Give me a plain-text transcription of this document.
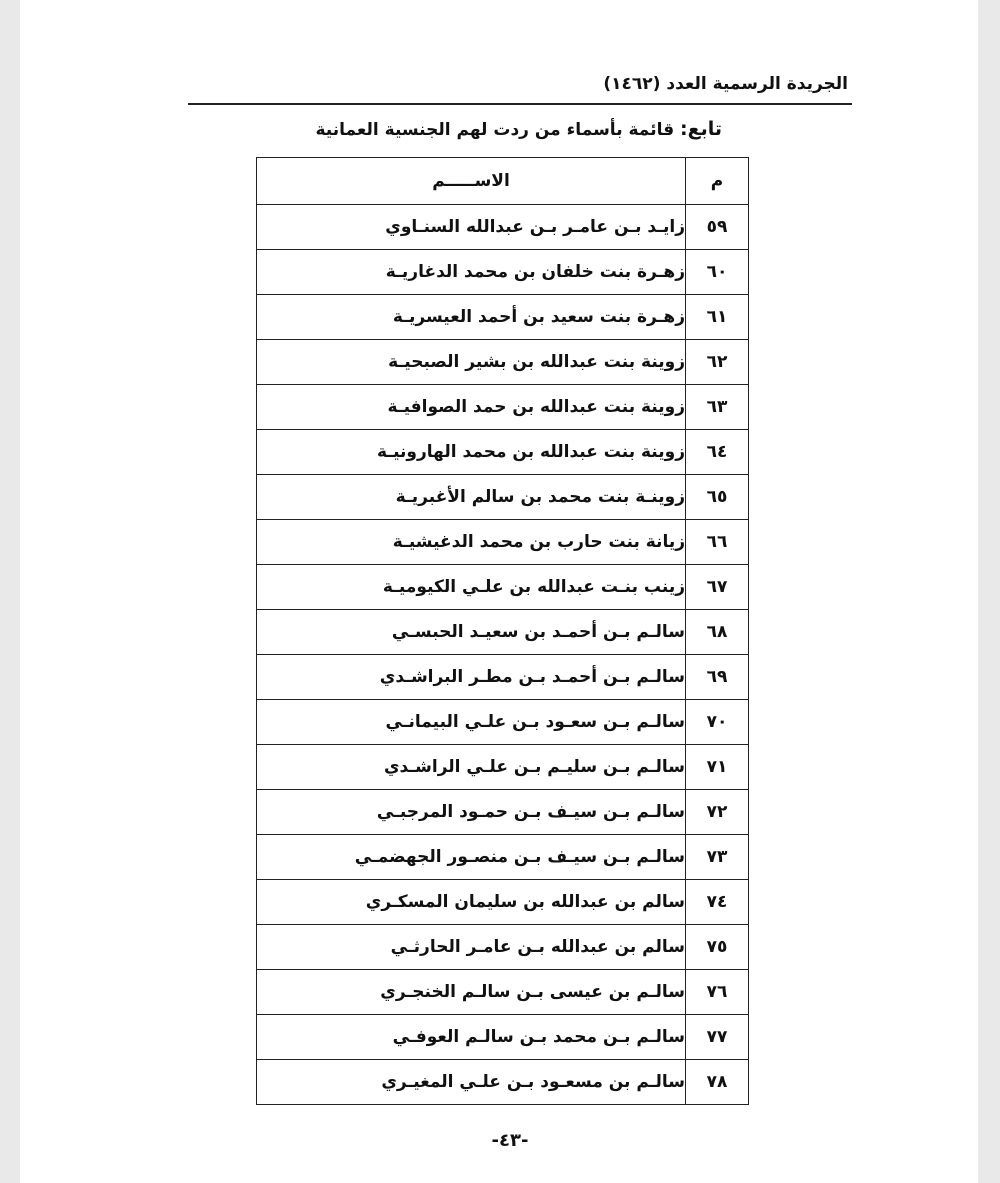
الجريدة الرسمية العدد (١٤٦٢)
تابع: قائمة بأسماء من ردت لهم الجنسية العمانية
م	الاســـــم
٥٩	زايـد بـن عامـر بـن عبدالله السنـاوي
٦٠	زهـرة بنت خلفان بن محمد الدغاريـة
٦١	زهـرة بنت سعيد بن أحمد العيسريـة
٦٢	زوينة بنت عبدالله بن بشير الصبحيـة
٦٣	زوينة بنت عبدالله بن حمد الصوافيـة
٦٤	زوينة بنت عبدالله بن محمد الهارونيـة
٦٥	زوينـة بنت محمد بن سالم الأغبريـة
٦٦	زيانة بنت حارب بن محمد الدغيشيـة
٦٧	زينب بنـت عبدالله بن علـي الكيوميـة
٦٨	سالـم بـن أحمـد بن سعيـد الحبسـي
٦٩	سالـم بـن أحمـد بـن مطـر البراشـدي
٧٠	سالـم بـن سعـود بـن علـي البيمانـي
٧١	سالـم بـن سليـم بـن علـي الراشـدي
٧٢	سالـم بـن سيـف بـن حمـود المرجبـي
٧٣	سالـم بـن سيـف بـن منصـور الجهضمـي
٧٤	سالم بن عبدالله بن سليمان المسكـري
٧٥	سالم بن عبدالله بـن عامـر الحارثـي
٧٦	سالـم بن عيسى بـن سالـم الخنجـري
٧٧	سالـم بـن محمد بـن سالـم العوفـي
٧٨	سالـم بن مسعـود بـن علـي المغيـري
-٤٣-
